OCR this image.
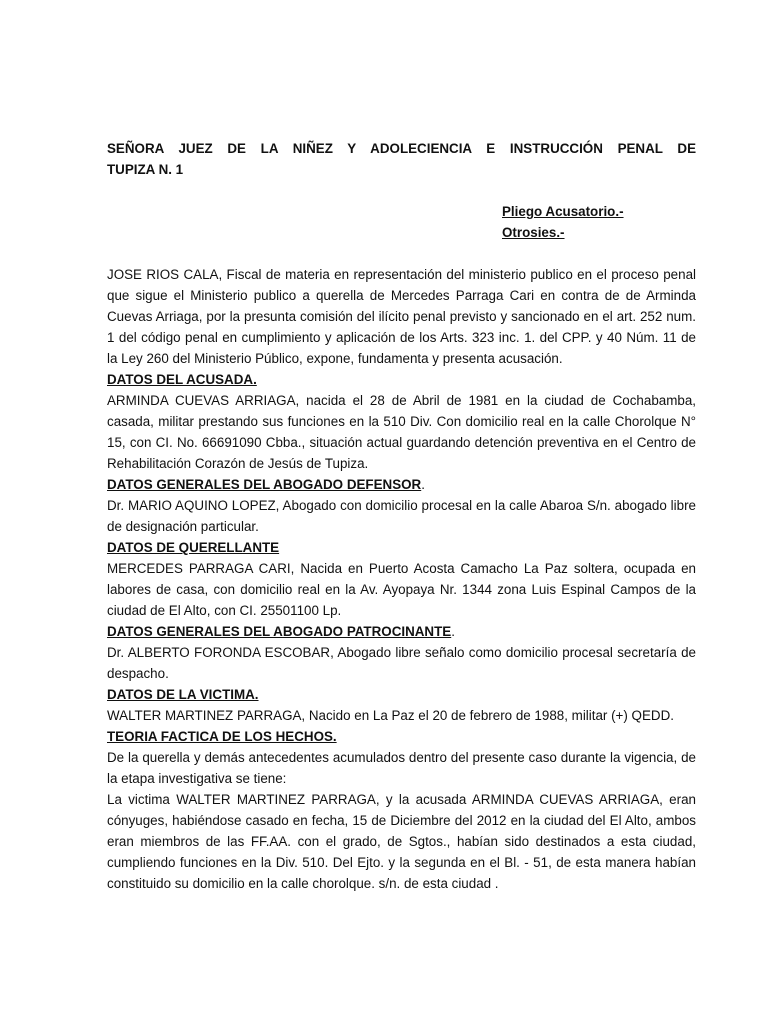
SEÑORA JUEZ DE LA NIÑEZ Y ADOLECIENCIA E INSTRUCCIÓN PENAL DE
TUPIZA N. 1
Pliego Acusatorio.-
Otrosies.-

JOSE RIOS CALA, Fiscal de materia en representación del ministerio publico en el proceso penal que sigue el Ministerio publico a querella de Mercedes Parraga Cari en contra de de Arminda Cuevas Arriaga, por la presunta comisión del ilícito penal previsto y sancionado en el art. 252 num. 1 del código penal en cumplimiento y aplicación de los Arts. 323 inc. 1. del CPP. y 40 Núm. 11 de la Ley 260 del Ministerio Público, expone, fundamenta y presenta acusación.

DATOS DEL ACUSADA.

ARMINDA CUEVAS ARRIAGA, nacida el 28 de Abril de 1981 en la ciudad de Cochabamba, casada, militar prestando sus funciones en la 510 Div. Con domicilio real en la calle Chorolque N° 15, con CI. No. 66691090 Cbba., situación actual guardando detención preventiva en el Centro de Rehabilitación Corazón de Jesús de Tupiza.

DATOS GENERALES DEL ABOGADO DEFENSOR.

Dr. MARIO AQUINO LOPEZ, Abogado con domicilio procesal en la calle Abaroa S/n. abogado libre de designación particular.

DATOS DE QUERELLANTE

MERCEDES PARRAGA CARI, Nacida en Puerto Acosta Camacho La Paz soltera, ocupada en labores de casa, con domicilio real en la Av. Ayopaya Nr. 1344 zona Luis Espinal Campos de la ciudad de El Alto, con CI. 25501100 Lp.

DATOS GENERALES DEL ABOGADO PATROCINANTE.

Dr. ALBERTO FORONDA ESCOBAR, Abogado libre señalo como domicilio procesal secretaría de despacho.

DATOS DE LA VICTIMA.

WALTER MARTINEZ PARRAGA, Nacido en La Paz el 20 de febrero de 1988, militar (+) QEDD.

TEORIA FACTICA DE LOS HECHOS.

De la querella y demás antecedentes acumulados dentro del presente caso durante la vigencia, de la etapa investigativa se tiene:

La victima WALTER MARTINEZ PARRAGA, y la acusada ARMINDA CUEVAS ARRIAGA, eran cónyuges, habiéndose casado en fecha, 15 de Diciembre del 2012 en la ciudad del El Alto, ambos eran miembros de las FF.AA. con el grado, de Sgtos., habían sido destinados a esta ciudad, cumpliendo funciones en la Div. 510. Del Ejto. y la segunda en el Bl. - 51, de esta manera habían constituido su domicilio en la calle chorolque. s/n. de esta ciudad .
